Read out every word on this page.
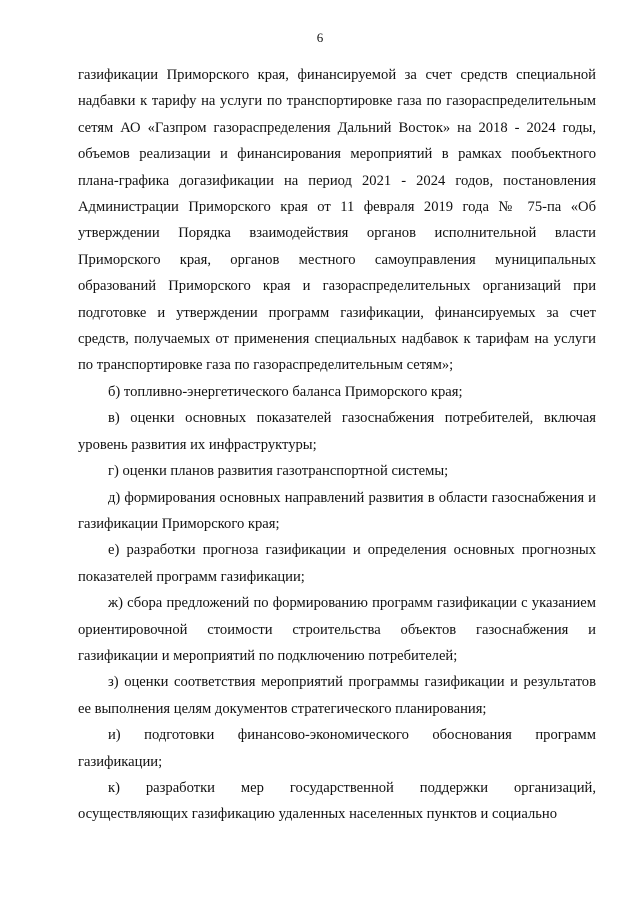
6

газификации Приморского края, финансируемой за счет средств специальной надбавки к тарифу на услуги по транспортировке газа по газораспределительным сетям АО «Газпром газораспределения Дальний Восток» на 2018 - 2024 годы, объемов реализации и финансирования мероприятий в рамках пообъектного плана-графика догазификации на период 2021 - 2024 годов, постановления Администрации Приморского края от 11 февраля 2019 года № 75-па «Об утверждении Порядка взаимодействия органов исполнительной власти Приморского края, органов местного самоуправления муниципальных образований Приморского края и газораспределительных организаций при подготовке и утверждении программ газификации, финансируемых за счет средств, получаемых от применения специальных надбавок к тарифам на услуги по транспортировке газа по газораспределительным сетям»;

б) топливно-энергетического баланса Приморского края;

в) оценки основных показателей газоснабжения потребителей, включая уровень развития их инфраструктуры;

г) оценки планов развития газотранспортной системы;

д) формирования основных направлений развития в области газоснабжения и газификации Приморского края;

е) разработки прогноза газификации и определения основных прогнозных показателей программ газификации;

ж) сбора предложений по формированию программ газификации с указанием ориентировочной стоимости строительства объектов газоснабжения и газификации и мероприятий по подключению потребителей;

з) оценки соответствия мероприятий программы газификации и результатов ее выполнения целям документов стратегического планирования;

и) подготовки финансово-экономического обоснования программ газификации;

к) разработки мер государственной поддержки организаций, осуществляющих газификацию удаленных населенных пунктов и социально
